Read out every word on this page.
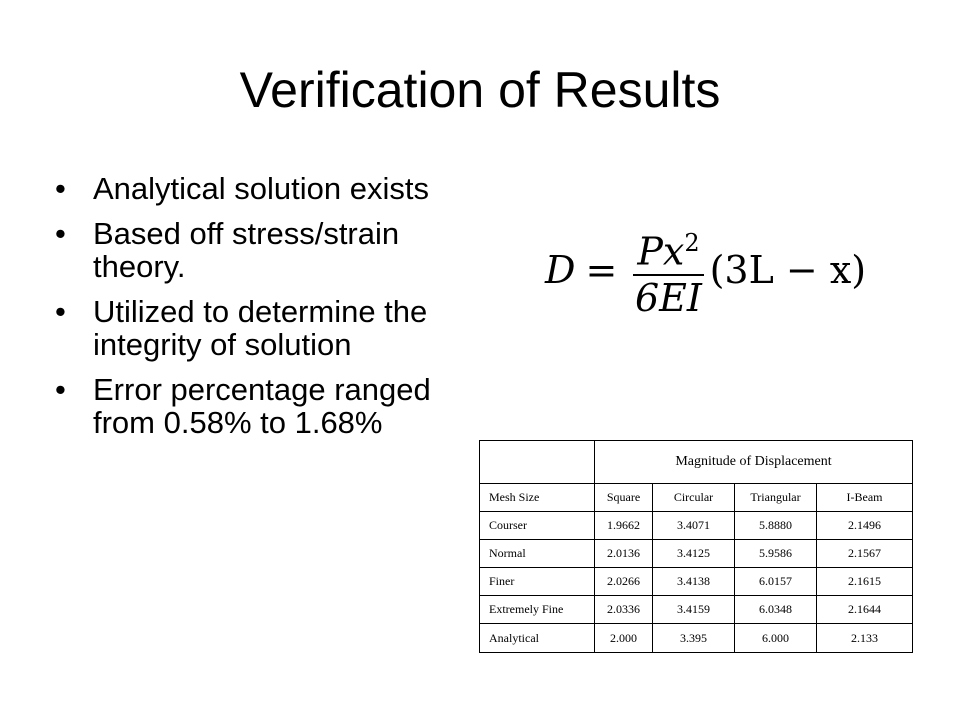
Verification of Results
• Analytical solution exists
• Based off stress/strain theory.
• Utilized to determine the integrity of solution
• Error percentage ranged from 0.58% to 1.68%
$D = \frac{Px^2}{6EI} (3L - x)$
	Magnitude of Displacement			
Mesh Size	Square	Circular	Triangular	I-Beam
Courser	1.9662	3.4071	5.8880	2.1496
Normal	2.0136	3.4125	5.9586	2.1567
Finer	2.0266	3.4138	6.0157	2.1615
Extremely Fine	2.0336	3.4159	6.0348	2.1644
Analytical	2.000	3.395	6.000	2.133
